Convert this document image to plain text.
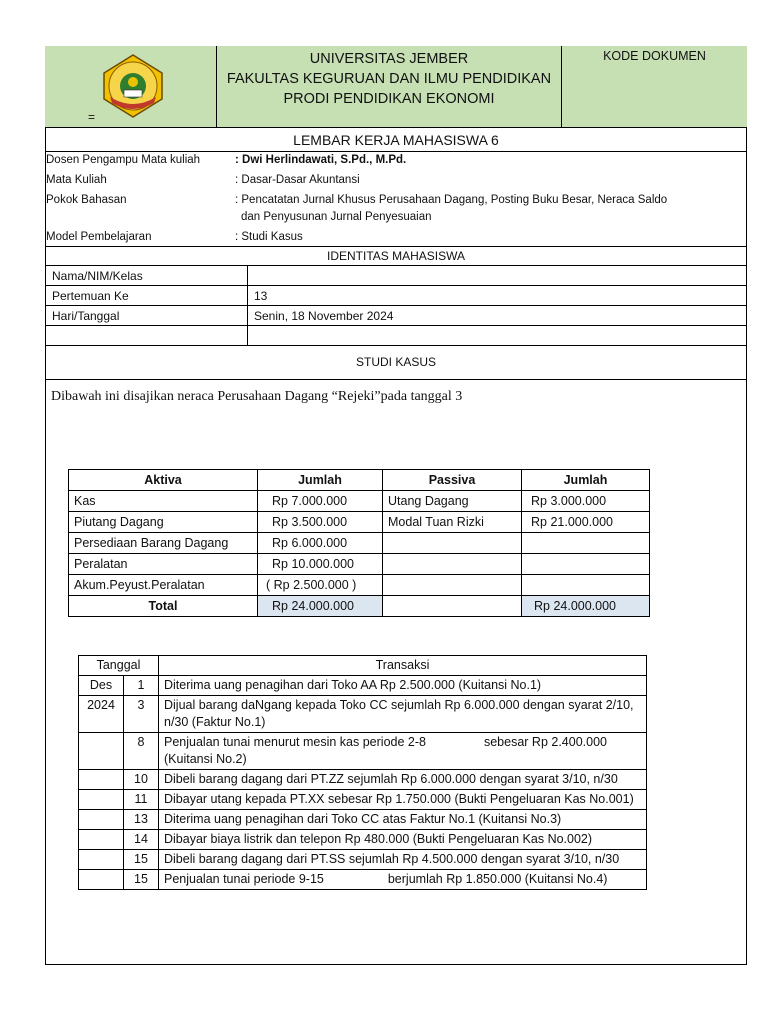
=
UNIVERSITAS JEMBER
FAKULTAS KEGURUAN DAN ILMU PENDIDIKAN
PRODI PENDIDIKAN EKONOMI
KODE DOKUMEN
LEMBAR KERJA MAHASISWA 6
Dosen Pengampu Mata kuliah	: Dwi Herlindawati, S.Pd., M.Pd.
Mata Kuliah	: Dasar-Dasar Akuntansi
Pokok Bahasan	: Pencatatan Jurnal Khusus Perusahaan Dagang, Posting Buku Besar, Neraca Saldo
dan Penyusunan Jurnal Penyesuaian
Model Pembelajaran	: Studi Kasus
IDENTITAS MAHASISWA
Nama/NIM/Kelas	
Pertemuan Ke	13
Hari/Tanggal	Senin, 18 November 2024

STUDI KASUS
Dibawah ini disajikan neraca Perusahaan Dagang “Rejeki”pada tanggal 3
Aktiva	Jumlah	Passiva	Jumlah
Kas	Rp 7.000.000	Utang Dagang	Rp 3.000.000
Piutang Dagang	Rp 3.500.000	Modal Tuan Rizki	Rp 21.000.000
Persediaan Barang Dagang	Rp 6.000.000		
Peralatan	Rp 10.000.000		
Akum.Peyust.Peralatan	( Rp 2.500.000 )		
Total	Rp 24.000.000		Rp 24.000.000
Tanggal		Transaksi
Des	1	Diterima uang penagihan dari Toko AA Rp 2.500.000 (Kuitansi No.1)
2024	3	Dijual barang daNgang kepada Toko CC sejumlah Rp 6.000.000 dengan syarat 2/10, n/30 (Faktur No.1)
	8	Penjualan tunai menurut mesin kas periode 2-8 sebesar Rp 2.400.000 (Kuitansi No.2)
	10	Dibeli barang dagang dari PT.ZZ sejumlah Rp 6.000.000 dengan syarat 3/10, n/30
	11	Dibayar utang kepada PT.XX sebesar Rp 1.750.000 (Bukti Pengeluaran Kas No.001)
	13	Diterima uang penagihan dari Toko CC atas Faktur No.1 (Kuitansi No.3)
	14	Dibayar biaya listrik dan telepon Rp 480.000 (Bukti Pengeluaran Kas No.002)
	15	Dibeli barang dagang dari PT.SS sejumlah Rp 4.500.000 dengan syarat 3/10, n/30
	15	Penjualan tunai periode 9-15 berjumlah Rp 1.850.000 (Kuitansi No.4)
